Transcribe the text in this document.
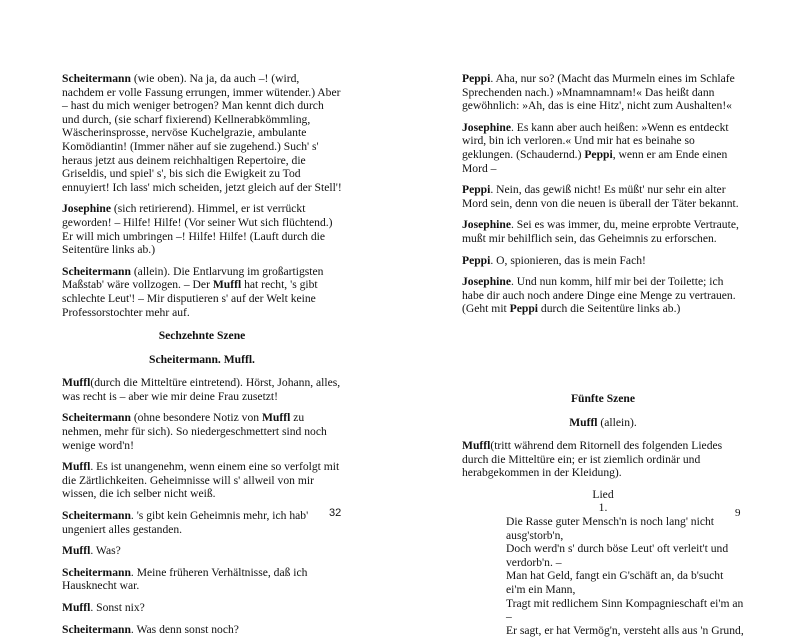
Scheitermann (wie oben). Na ja, da auch –! (wird, nachdem er volle Fassung errungen, immer wütender.) Aber – hast du mich weniger betrogen? Man kennt dich durch und durch, (sie scharf fixierend) Kellnerabkömmling, Wäscherinsprosse, nervöse Kuchelgrazie, ambulante Komödiantin! (Immer näher auf sie zugehend.) Such' s' heraus jetzt aus deinem reichhaltigen Repertoire, die Griseldis, und spiel' s', bis sich die Ewigkeit zu Tod ennuyiert! Ich lass' mich scheiden, jetzt gleich auf der Stell'!

Josephine (sich retirierend). Himmel, er ist verrückt geworden! – Hilfe! Hilfe! (Vor seiner Wut sich flüchtend.) Er will mich umbringen –! Hilfe! Hilfe! (Lauft durch die Seitentüre links ab.)

Scheitermann (allein). Die Entlarvung im großartigsten Maßstab' wäre vollzogen. – Der Muffl hat recht, 's gibt schlechte Leut'! – Mir disputieren s' auf der Welt keine Professorstochter mehr auf.

Sechzehnte Szene
Scheitermann. Muffl.

Muffl(durch die Mitteltüre eintretend). Hörst, Johann, alles, was recht is – aber wie mir deine Frau zusetzt!

Scheitermann (ohne besondere Notiz von Muffl zu nehmen, mehr für sich). So niedergeschmettert sind noch wenige word'n!

Muffl. Es ist unangenehm, wenn einem eine so verfolgt mit die Zärtlichkeiten. Geheimnisse will s' allweil von mir wissen, die ich selber nicht weiß.

Scheitermann. 's gibt kein Geheimnis mehr, ich hab' ungeniert alles gestanden.

Muffl. Was?

Scheitermann. Meine früheren Verhältnisse, daß ich Hausknecht war.

Muffl. Sonst nix?

Scheitermann. Was denn sonst noch?

32

Peppi. Aha, nur so? (Macht das Murmeln eines im Schlafe Sprechenden nach.) »Mnamnamnam!« Das heißt dann gewöhnlich: »Ah, das is eine Hitz', nicht zum Aushalten!«

Josephine. Es kann aber auch heißen: »Wenn es entdeckt wird, bin ich verloren.« Und mir hat es beinahe so geklungen. (Schaudernd.) Peppi, wenn er am Ende einen Mord –

Peppi. Nein, das gewiß nicht! Es müßt' nur sehr ein alter Mord sein, denn von die neuen is überall der Täter bekannt.

Josephine. Sei es was immer, du, meine erprobte Vertraute, mußt mir behilflich sein, das Geheimnis zu erforschen.

Peppi. O, spionieren, das is mein Fach!

Josephine. Und nun komm, hilf mir bei der Toilette; ich habe dir auch noch andere Dinge eine Menge zu vertrauen. (Geht mit Peppi durch die Seitentüre links ab.)

Fünfte Szene
Muffl (allein).

Muffl(tritt während dem Ritornell des folgenden Liedes durch die Mitteltüre ein; er ist ziemlich ordinär und herabgekommen in der Kleidung).

Lied
1.
Die Rasse guter Mensch'n is noch lang' nicht ausg'storb'n,
Doch werd'n s' durch böse Leut' oft verleit't und verdorb'n. –
Man hat Geld, fangt ein G'schäft an, da b'sucht ei'm ein Mann,
Tragt mit redlichem Sinn Kompagnieschaft ei'm an –
Er sagt, er hat Vermög'n, versteht alls aus 'n Grund,
9
